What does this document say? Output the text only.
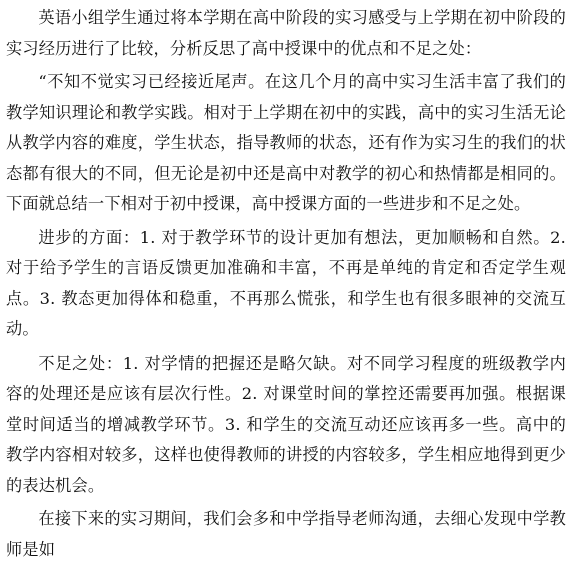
英语小组学生通过将本学期在高中阶段的实习感受与上学期在初中阶段的实习经历进行了比较，分析反思了高中授课中的优点和不足之处：

“不知不觉实习已经接近尾声。在这几个月的高中实习生活丰富了我们的教学知识理论和教学实践。相对于上学期在初中的实践，高中的实习生活无论从教学内容的难度，学生状态，指导教师的状态，还有作为实习生的我们的状态都有很大的不同，但无论是初中还是高中对教学的初心和热情都是相同的。下面就总结一下相对于初中授课，高中授课方面的一些进步和不足之处。

进步的方面：1. 对于教学环节的设计更加有想法，更加顺畅和自然。2. 对于给予学生的言语反馈更加准确和丰富，不再是单纯的肯定和否定学生观点。3. 教态更加得体和稳重，不再那么慌张，和学生也有很多眼神的交流互动。

不足之处：1. 对学情的把握还是略欠缺。对不同学习程度的班级教学内容的处理还是应该有层次行性。2. 对课堂时间的掌控还需要再加强。根据课堂时间适当的增减教学环节。3. 和学生的交流互动还应该再多一些。高中的教学内容相对较多，这样也使得教师的讲授的内容较多，学生相应地得到更少的表达机会。

在接下来的实习期间，我们会多和中学指导老师沟通，去细心发现中学教师是如
